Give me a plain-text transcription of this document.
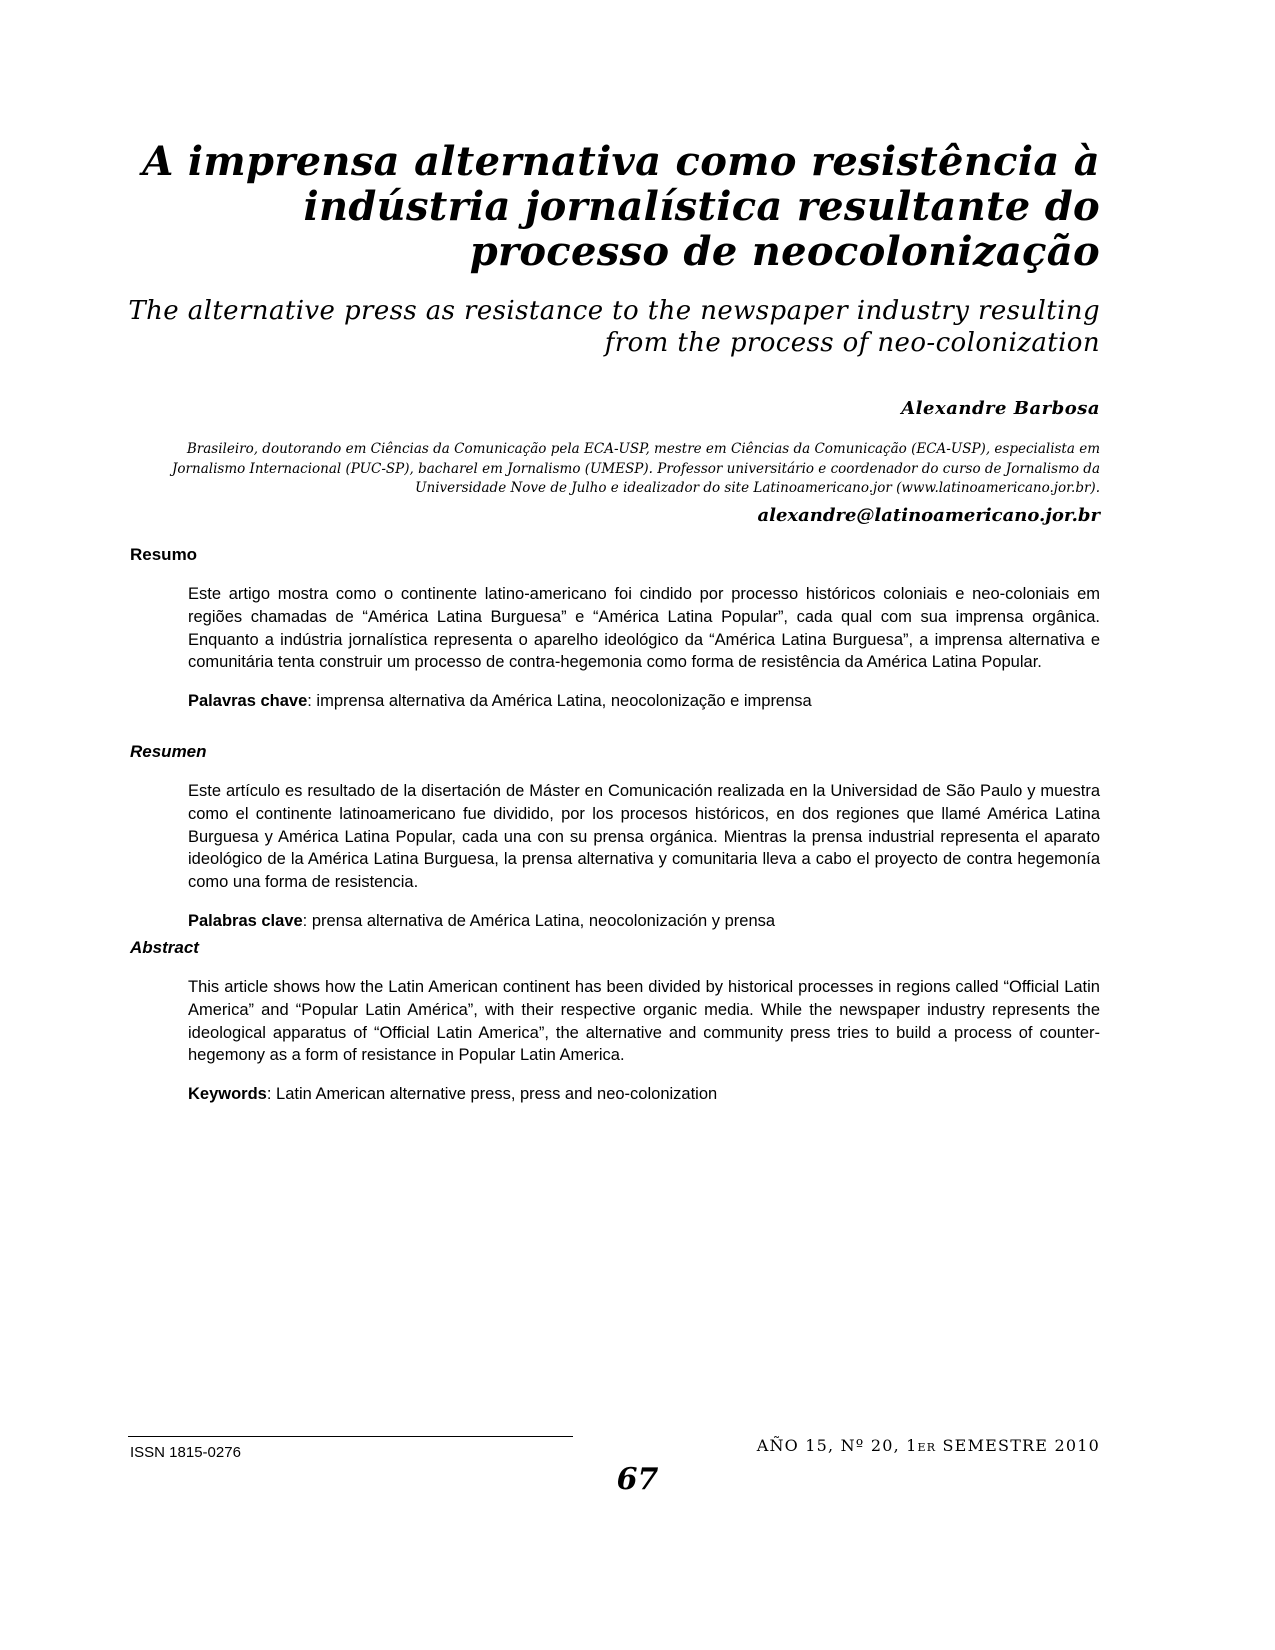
A imprensa alternativa como resistência à indústria jornalística resultante do processo de neocolonização
The alternative press as resistance to the newspaper industry resulting from the process of neo-colonization
Alexandre Barbosa
Brasileiro, doutorando em Ciências da Comunicação pela ECA-USP, mestre em Ciências da Comunicação (ECA-USP), especialista em Jornalismo Internacional (PUC-SP), bacharel em Jornalismo (UMESP). Professor universitário e coordenador do curso de Jornalismo da Universidade Nove de Julho e idealizador do site Latinoamericano.jor (www.latinoamericano.jor.br).
alexandre@latinoamericano.jor.br
Resumo

Este artigo mostra como o continente latino-americano foi cindido por processo históricos coloniais e neo-coloniais em regiões chamadas de “América Latina Burguesa” e “América Latina Popular”, cada qual com sua imprensa orgânica. Enquanto a indústria jornalística representa o aparelho ideológico da “América Latina Burguesa”, a imprensa alternativa e comunitária tenta construir um processo de contra-hegemonia como forma de resistência da América Latina Popular.

Palavras chave: imprensa alternativa da América Latina, neocolonização e imprensa

Resumen

Este artículo es resultado de la disertación de Máster en Comunicación realizada en la Universidad de São Paulo y muestra como el continente latinoamericano fue dividido, por los procesos históricos, en dos regiones que llamé América Latina Burguesa y América Latina Popular, cada una con su prensa orgánica. Mientras la prensa industrial representa el aparato ideológico de la América Latina Burguesa, la prensa alternativa y comunitaria lleva a cabo el proyecto de contra hegemonía como una forma de resistencia.

Palabras clave: prensa alternativa de América Latina, neocolonización y prensa

Abstract

This article shows how the Latin American continent has been divided by historical processes in regions called “Official Latin America” and “Popular Latin América”, with their respective organic media. While the newspaper industry represents the ideological apparatus of “Official Latin America”, the alternative and community press tries to build a process of counter-hegemony as a form of resistance in Popular Latin America.

Keywords: Latin American alternative press, press and neo-colonization

ISSN 1815-0276	AÑO 15, Nº 20, 1er SEMESTRE 2010
67
